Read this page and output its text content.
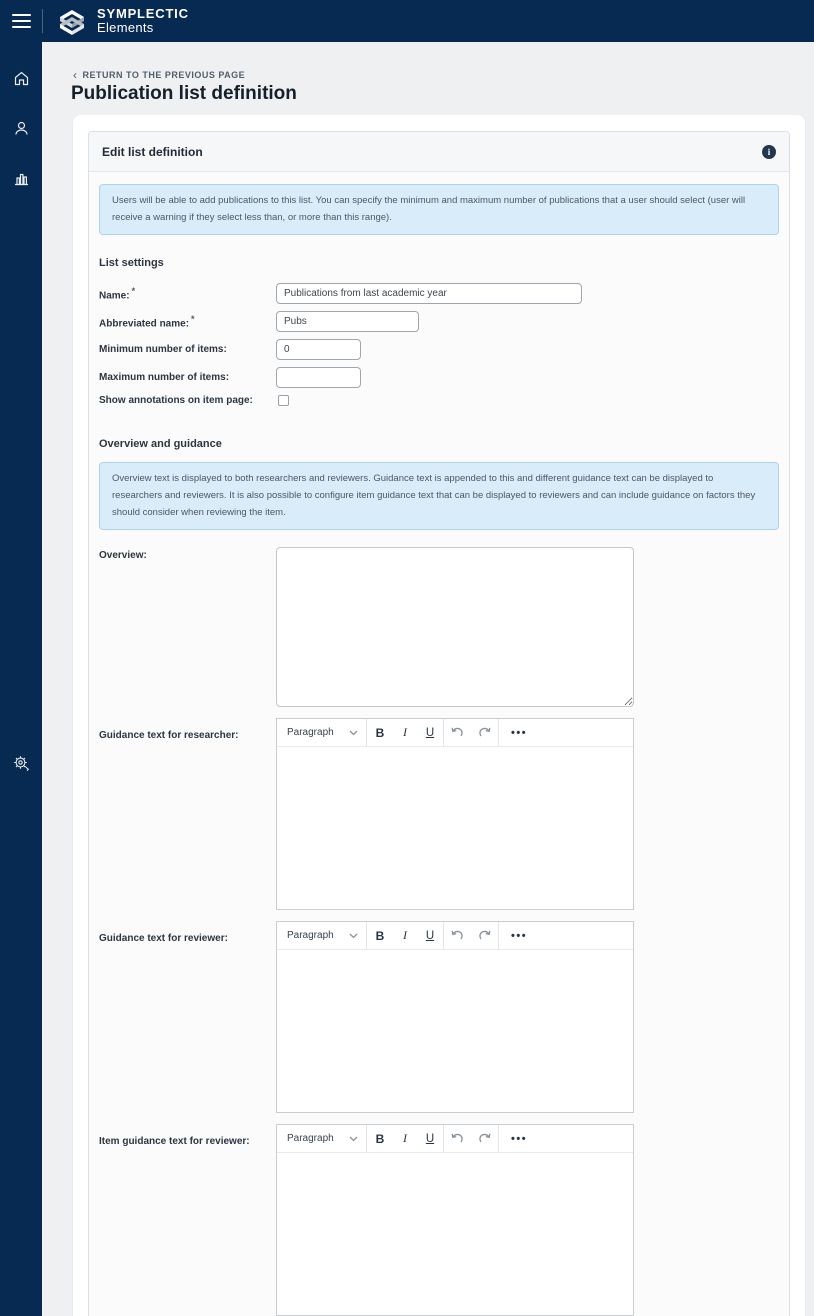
SYMPLECTIC
Elements
‹ RETURN TO THE PREVIOUS PAGE
Publication list definition
Edit list definition	i
Users will be able to add publications to this list. You can specify the minimum and maximum number of publications that a user should select (user will receive a warning if they select less than, or more than this range).
List settings
Name: *
Publications from last academic year
Abbreviated name: *
Pubs
Minimum number of items:
0
Maximum number of items:
Show annotations on item page:
Overview and guidance
Overview text is displayed to both researchers and reviewers. Guidance text is appended to this and different guidance text can be displayed to researchers and reviewers. It is also possible to configure item guidance text that can be displayed to reviewers and can include guidance on factors they should consider when reviewing the item.
Overview:
Guidance text for researcher:	Paragraph	B	I	U	•••
Guidance text for reviewer:	Paragraph	B	I	U	•••
Item guidance text for reviewer:	Paragraph	B	I	U	•••
